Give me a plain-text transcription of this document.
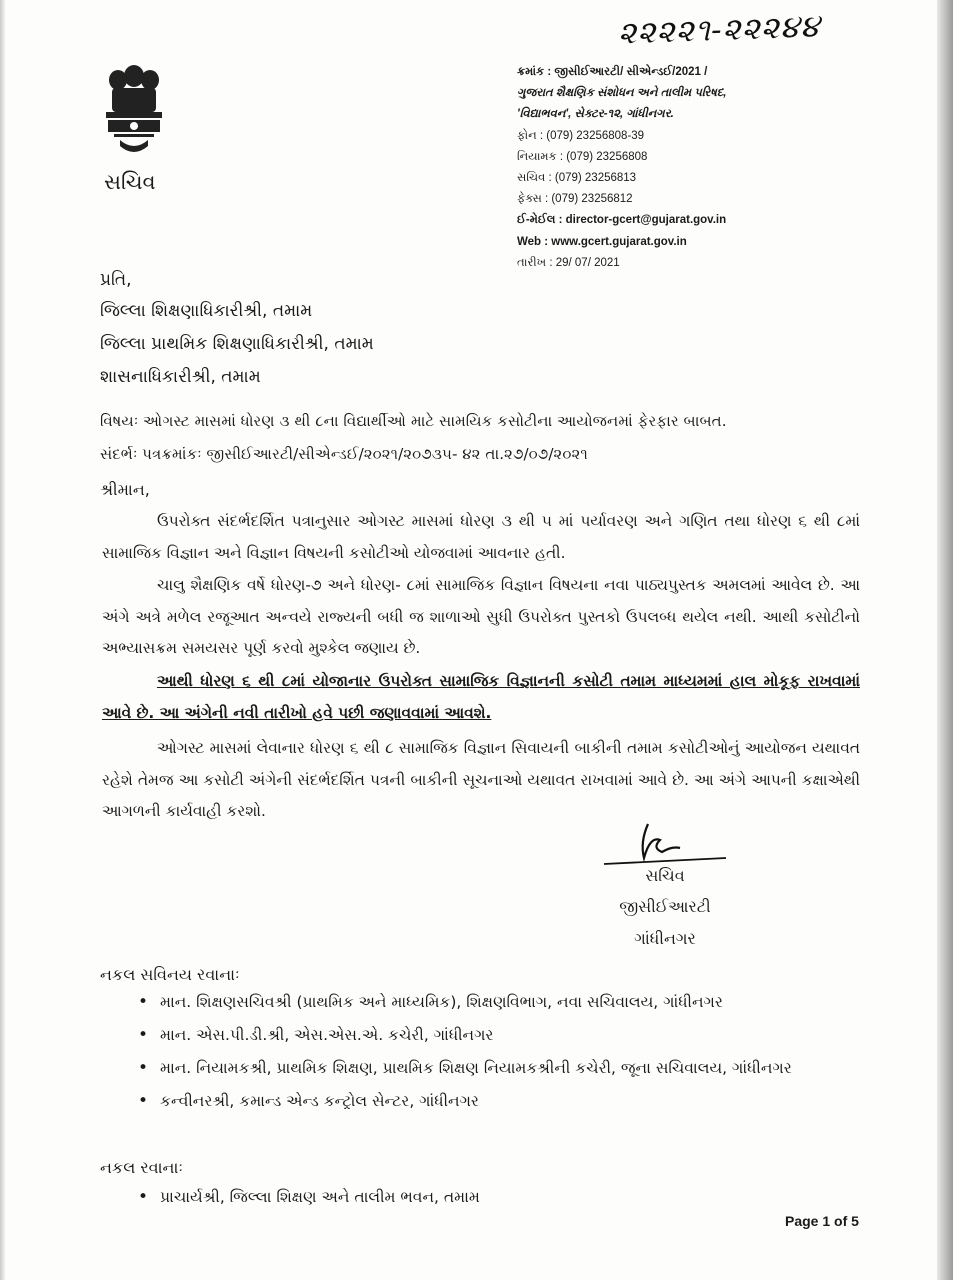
૨૨૨૨૧-૨૨૨૪૪
સચિવ
ક્રમાંક : જીસીઈઆરટી/ સીએન્ડઈ/2021 /
ગુજરાત શૈક્ષણિક સંશોધન અને તાલીમ પરિષદ,
'વિદ્યાભવન', સેક્ટર-૧૨, ગાંધીનગર.
ફોન : (079) 23256808-39
નિયામક : (079) 23256808
સચિવ : (079) 23256813
ફેક્સ : (079) 23256812
ઈ-મેઈલ : director-gcert@gujarat.gov.in
Web : www.gcert.gujarat.gov.in
તારીખ : 29/ 07/ 2021
પ્રતિ,
જિલ્લા શિક્ષણાધિકારીશ્રી, તમામ
જિલ્લા પ્રાથમિક શિક્ષણાધિકારીશ્રી, તમામ
શાસનાધિકારીશ્રી, તમામ
વિષયઃ ઓગસ્ટ માસમાં ધોરણ ૩ થી ૮ના વિદ્યાર્થીઓ માટે સામયિક કસોટીના આયોજનમાં ફેરફાર બાબત.
સંદર્ભઃ પત્રક્રમાંકઃ જીસીઈઆરટી/સીએન્ડઈ/૨૦૨૧/૨૦૭૩૫- ૪૨ તા.૨૭/૦૭/૨૦૨૧
શ્રીમાન,

ઉપરોક્ત સંદર્ભદર્શિત પત્રાનુસાર ઓગસ્ટ માસમાં ધોરણ ૩ થી ૫ માં પર્યાવરણ અને ગણિત તથા ધોરણ ૬ થી ૮માં સામાજિક વિજ્ઞાન અને વિજ્ઞાન વિષયની કસોટીઓ યોજવામાં આવનાર હતી.

ચાલુ શૈક્ષણિક વર્ષે ધોરણ-૭ અને ધોરણ- ૮માં સામાજિક વિજ્ઞાન વિષયના નવા પાઠ્યપુસ્તક અમલમાં આવેલ છે. આ અંગે અત્રે મળેલ રજૂઆત અન્વયે રાજ્યની બધી જ શાળાઓ સુધી ઉપરોક્ત પુસ્તકો ઉપલબ્ધ થયેલ નથી. આથી કસોટીનો અભ્યાસક્રમ સમયસર પૂર્ણ કરવો મુશ્કેલ જણાય છે.

આથી ધોરણ ૬ થી ૮માં યોજાનાર ઉપરોક્ત સામાજિક વિજ્ઞાનની કસોટી તમામ માધ્યમમાં હાલ મોકૂફ રાખવામાં આવે છે. આ અંગેની નવી તારીખો હવે પછી જણાવવામાં આવશે.

ઓગસ્ટ માસમાં લેવાનાર ધોરણ ૬ થી ૮ સામાજિક વિજ્ઞાન સિવાયની બાકીની તમામ કસોટીઓનું આયોજન યથાવત રહેશે તેમજ આ કસોટી અંગેની સંદર્ભદર્શિત પત્રની બાકીની સૂચનાઓ યથાવત રાખવામાં આવે છે. આ અંગે આપની કક્ષાએથી આગળની કાર્યવાહી કરશો.

સચિવ
જીસીઈઆરટી
ગાંધીનગર
નકલ સવિનય રવાનાઃ
• માન. શિક્ષણસચિવશ્રી (પ્રાથમિક અને માધ્યમિક), શિક્ષણવિભાગ, નવા સચિવાલય, ગાંધીનગર
• માન. એસ.પી.ડી.શ્રી, એસ.એસ.એ. કચેરી, ગાંધીનગર
• માન. નિયામકશ્રી, પ્રાથમિક શિક્ષણ, પ્રાથમિક શિક્ષણ નિયામકશ્રીની કચેરી, જૂના સચિવાલય, ગાંધીનગર
• કન્વીનરશ્રી, કમાન્ડ એન્ડ કન્ટ્રોલ સેન્ટર, ગાંધીનગર
નકલ રવાનાઃ
• પ્રાચાર્યશ્રી, જિલ્લા શિક્ષણ અને તાલીમ ભવન, તમામ
Page 1 of 5
